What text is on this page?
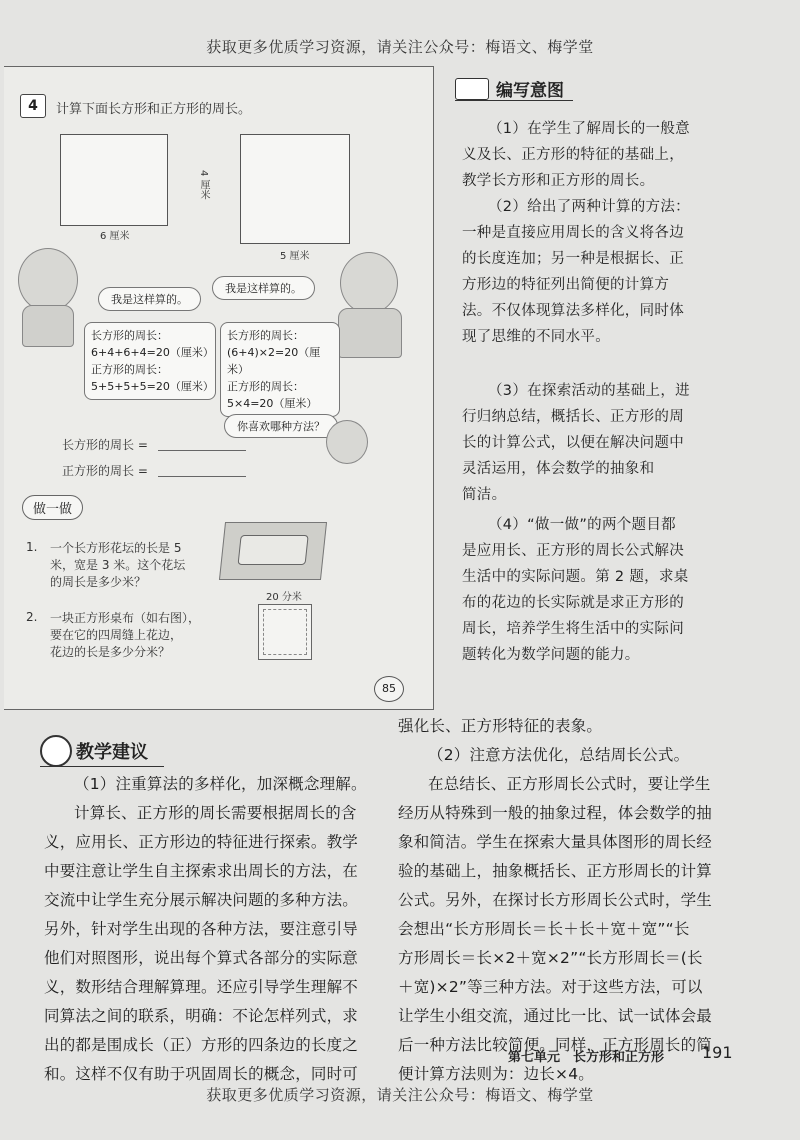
获取更多优质学习资源，请关注公众号：梅语文、梅学堂
获取更多优质学习资源，请关注公众号：梅语文、梅学堂
4	计算下面长方形和正方形的周长。
6 厘米
4 厘米
5 厘米
我是这样算的。
我是这样算的。
长方形的周长：
6+4+6+4=20（厘米）
正方形的周长：
5+5+5+5=20（厘米）
长方形的周长：
(6+4)×2=20（厘米）
正方形的周长：
5×4=20（厘米）
你喜欢哪种方法？
长方形的周长 =
正方形的周长 =
做一做
1. 一个长方形花坛的长是 5
米，宽是 3 米。这个花坛
的周长是多少米？
2. 一块正方形桌布（如右图），
要在它的四周缝上花边，
花边的长是多少分米？
20 分米
85
编写意图
（1）在学生了解周长的一般意
义及长、正方形的特征的基础上，
教学长方形和正方形的周长。
（2）给出了两种计算的方法：
一种是直接应用周长的含义将各边
的长度连加；另一种是根据长、正
方形边的特征列出简便的计算方
法。不仅体现算法多样化，同时体
现了思维的不同水平。
（3）在探索活动的基础上，进
行归纳总结，概括长、正方形的周
长的计算公式，以便在解决问题中
灵活运用，体会数学的抽象和
简洁。
（4）“做一做”的两个题目都
是应用长、正方形的周长公式解决
生活中的实际问题。第 2 题，求桌
布的花边的长实际就是求正方形的
周长，培养学生将生活中的实际问
题转化为数学问题的能力。
教学建议
（1）注重算法的多样化，加深概念理解。
计算长、正方形的周长需要根据周长的含
义，应用长、正方形边的特征进行探索。教学
中要注意让学生自主探索求出周长的方法，在
交流中让学生充分展示解决问题的多种方法。
另外，针对学生出现的各种方法，要注意引导
他们对照图形，说出每个算式各部分的实际意
义，数形结合理解算理。还应引导学生理解不
同算法之间的联系，明确：不论怎样列式，求
出的都是围成长（正）方形的四条边的长度之
和。这样不仅有助于巩固周长的概念，同时可
强化长、正方形特征的表象。
（2）注意方法优化，总结周长公式。
在总结长、正方形周长公式时，要让学生
经历从特殊到一般的抽象过程，体会数学的抽
象和简洁。学生在探索大量具体图形的周长经
验的基础上，抽象概括长、正方形周长的计算
公式。另外，在探讨长方形周长公式时，学生
会想出“长方形周长＝长＋长＋宽＋宽”“长
方形周长＝长×2＋宽×2”“长方形周长＝(长
＋宽)×2”等三种方法。对于这些方法，可以
让学生小组交流，通过比一比、试一试体会最
后一种方法比较简便。同样，正方形周长的简
便计算方法则为：边长×4。
第七单元　长方形和正方形 191
